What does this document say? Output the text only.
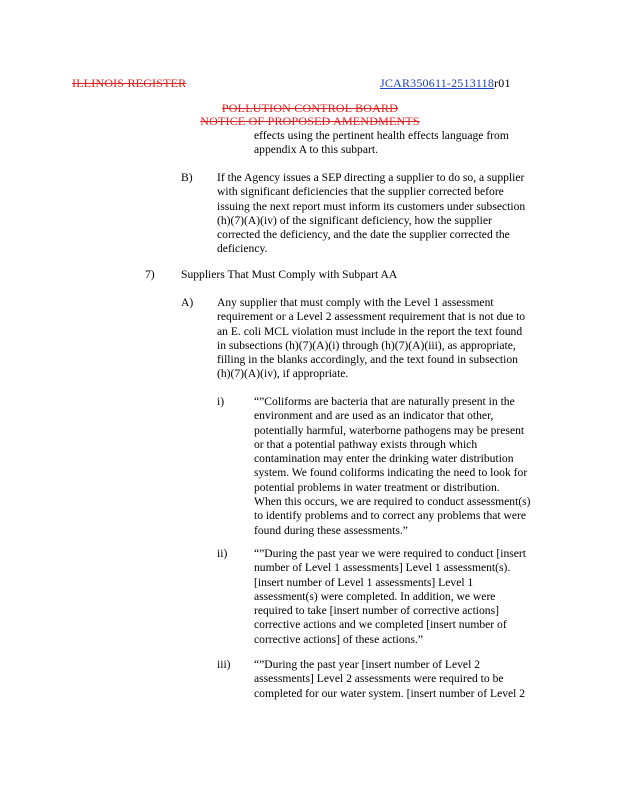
ILLINOIS REGISTER	JCAR350611-2513118r01
POLLUTION CONTROL BOARD
NOTICE OF PROPOSED AMENDMENTS
effects using the pertinent health effects language from
appendix A to this subpart.
B) If the Agency issues a SEP directing a supplier to do so, a supplier
with significant deficiencies that the supplier corrected before
issuing the next report must inform its customers under subsection
(h)(7)(A)(iv) of the significant deficiency, how the supplier
corrected the deficiency, and the date the supplier corrected the
deficiency.
7) Suppliers That Must Comply with Subpart AA
A) Any supplier that must comply with the Level 1 assessment
requirement or a Level 2 assessment requirement that is not due to
an E. coli MCL violation must include in the report the text found
in subsections (h)(7)(A)(i) through (h)(7)(A)(iii), as appropriate,
filling in the blanks accordingly, and the text found in subsection
(h)(7)(A)(iv), if appropriate.
i)	“”Coliforms are bacteria that are naturally present in the
environment and are used as an indicator that other,
potentially harmful, waterborne pathogens may be present
or that a potential pathway exists through which
contamination may enter the drinking water distribution
system. We found coliforms indicating the need to look for
potential problems in water treatment or distribution.
When this occurs, we are required to conduct assessment(s)
to identify problems and to correct any problems that were
found during these assessments.”
ii) “”During the past year we were required to conduct [insert
number of Level 1 assessments] Level 1 assessment(s).
[insert number of Level 1 assessments] Level 1
assessment(s) were completed. In addition, we were
required to take [insert number of corrective actions]
corrective actions and we completed [insert number of
corrective actions] of these actions.”
iii) “”During the past year [insert number of Level 2
assessments] Level 2 assessments were required to be
completed for our water system. [insert number of Level 2
